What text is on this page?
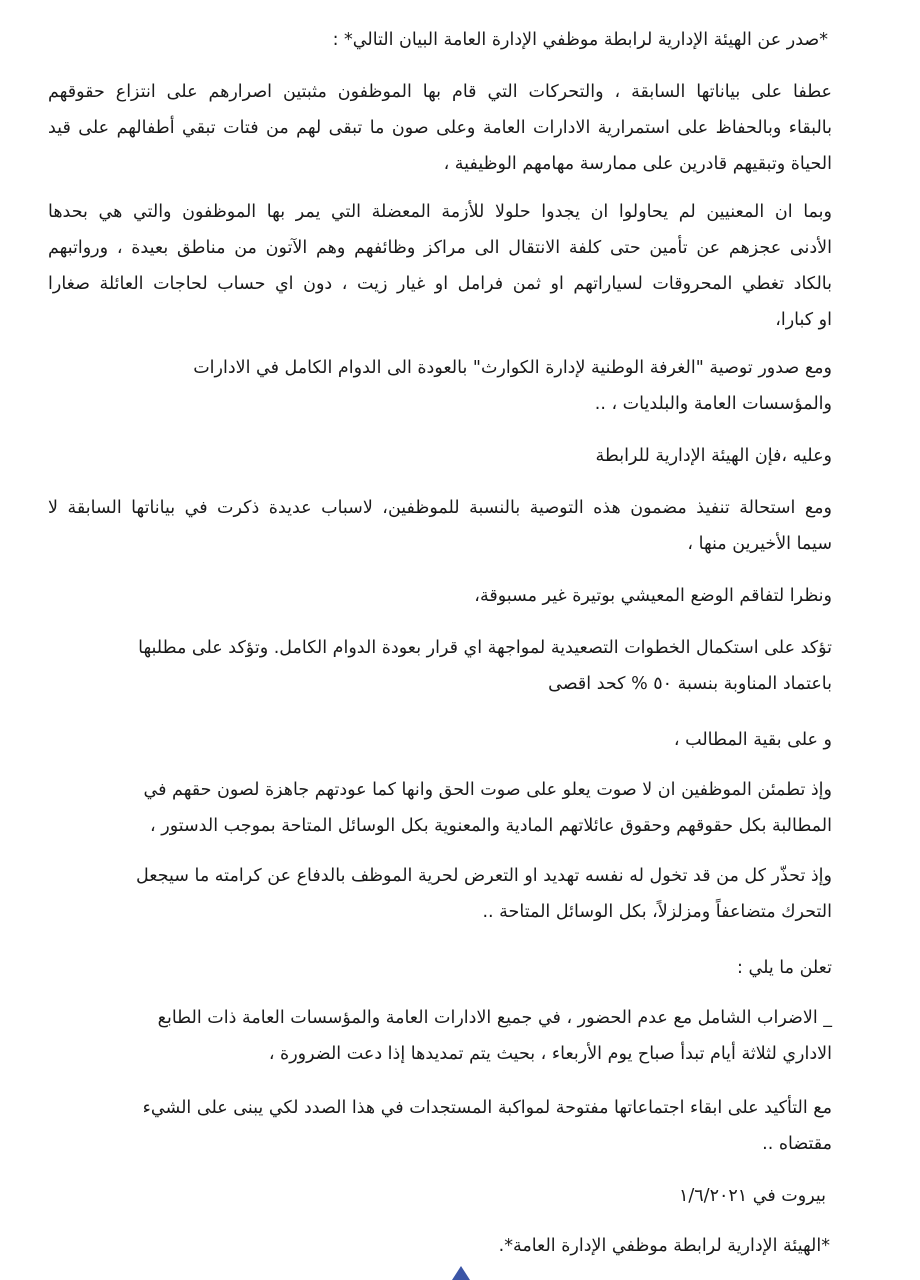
*صدر عن الهيئة الإدارية لرابطة موظفي الإدارة العامة البيان التالي* :

عطفا على بياناتها السابقة ، والتحركات التي قام بها الموظفون مثبتين اصرارهم على انتزاع حقوقهم
بالبقاء وبالحفاظ على استمرارية الادارات العامة وعلى صون ما تبقى لهم من فتات تبقي أطفالهم على قيد
الحياة وتبقيهم قادرين على ممارسة مهامهم الوظيفية ،

وبما ان المعنيين لم يحاولوا ان يجدوا حلولا للأزمة المعضلة التي يمر بها الموظفون والتي هي بحدها
الأدنى عجزهم عن تأمين حتى كلفة الانتقال الى مراكز وظائفهم وهم الآتون من مناطق بعيدة ، ورواتبهم
بالكاد تغطي المحروقات لسياراتهم او ثمن فرامل او غيار زيت ، دون اي حساب لحاجات العائلة صغارا
او كبارا،

ومع صدور توصية "الغرفة الوطنية لإدارة الكوارث" بالعودة الى الدوام الكامل في الادارات
والمؤسسات العامة والبلديات ، ..

وعليه ،فإن الهيئة الإدارية للرابطة

ومع استحالة تنفيذ مضمون هذه التوصية بالنسبة للموظفين، لاسباب عديدة ذكرت في بياناتها السابقة لا
سيما الأخيرين منها ،

ونظرا لتفاقم الوضع المعيشي بوتيرة غير مسبوقة،

تؤكد على استكمال الخطوات التصعيدية لمواجهة اي قرار بعودة الدوام الكامل. وتؤكد على مطلبها
باعتماد المناوبة بنسبة ٥٠ % كحد اقصى

و على بقية المطالب ،

وإذ تطمئن الموظفين ان لا صوت يعلو على صوت الحق وانها كما عودتهم جاهزة لصون حقهم في
المطالبة بكل حقوقهم وحقوق عائلاتهم المادية والمعنوية بكل الوسائل المتاحة بموجب الدستور ،

وإذ تحذّر كل من قد تخول له نفسه تهديد او التعرض لحرية الموظف بالدفاع عن كرامته ما سيجعل
التحرك متضاعفاً ومزلزلاً، بكل الوسائل المتاحة ..

تعلن ما يلي :

_ الاضراب الشامل مع عدم الحضور ، في جميع الادارات العامة والمؤسسات العامة ذات الطابع
الاداري لثلاثة أيام تبدأ صباح يوم الأربعاء ، بحيث يتم تمديدها إذا دعت الضرورة ،

مع التأكيد على ابقاء اجتماعاتها مفتوحة لمواكبة المستجدات في هذا الصدد لكي يبنى على الشيء
مقتضاه ..

بيروت في ١/٦/٢٠٢١

*الهيئة الإدارية لرابطة موظفي الإدارة العامة*.
